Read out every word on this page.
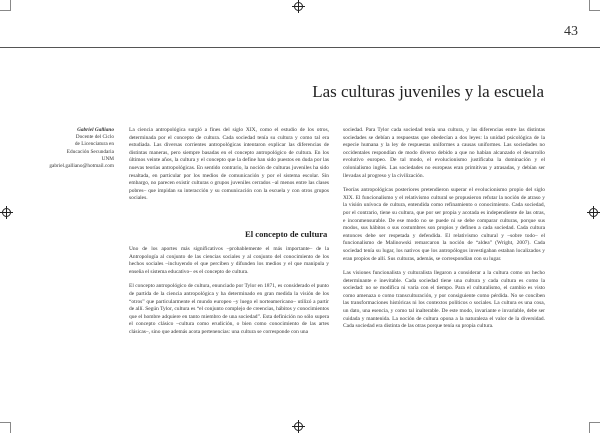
43
Las culturas juveniles y la escuela
Gabriel Galliano
Docente del Ciclo
de Licenciatura en
Educación Secundaria
UNM
gabriel.galliano@hotmail.com

La ciencia antropológica surgió a fines del siglo XIX, como el estudio de los otros, determinada por el concepto de cultura. Cada sociedad tenía su cultura y como tal era estudiada. Las diversas corrientes antropológicas intentaron explicar las diferencias de distintas maneras, pero siempre basadas en el concepto antropológico de cultura. En los últimos veinte años, la cultura y el concepto que la define han sido puestos en duda por las nuevas teorías antropológicas. En sentido contrario, la noción de culturas juveniles ha sido resaltada, en particular por los medios de comunicación y por el sistema escolar. Sin embargo, no parecen existir culturas o grupos juveniles cerrados –al menos entre las clases pobres– que impidan su interacción y su comunicación con la escuela y con otros grupos sociales.

Uno de los aportes más significativos –probablemente el más importante– de la Antropología al conjunto de las ciencias sociales y al conjunto del conocimiento de los hechos sociales –incluyendo el que perciben y difunden los medios y el que manipula y enseña el sistema educativo– es el concepto de cultura.

El concepto antropológico de cultura, enunciado por Tylor en 1871, es considerado el punto de partida de la ciencia antropológica y ha determinado en gran medida la visión de los “otros” que particularmente el mundo europeo –y luego el norteamericano– utilizó a partir de allí. Según Tylor, cultura es “el conjunto complejo de creencias, hábitos y conocimientos que el hombre adquiere en tanto miembro de una sociedad”. Esta definición no sólo supera el concepto clásico –cultura como erudición, o bien como conocimiento de las artes clásicas–, sino que además acota pertenencias: una cultura se corresponde con una

El concepto de cultura

sociedad. Para Tylor cada sociedad tenía una cultura, y las diferencias entre las distintas sociedades se debían a respuestas que obedecían a dos leyes: la unidad psicológica de la especie humana y la ley de respuestas uniformes a causas uniformes. Las sociedades no occidentales respondían de modo diverso debido a que no habían alcanzado el desarrollo evolutivo europeo. De tal modo, el evolucionismo justificaba la dominación y el colonialismo inglés. Las sociedades no europeas eran primitivas y atrasadas, y debían ser llevadas al progreso y la civilización.

Teorías antropológicas posteriores pretendieron superar el evolucionismo propio del siglo XIX. El funcionalismo y el relativismo cultural se propusieron refutar la noción de atraso y la visión unívoca de cultura, entendida como refinamiento o conocimiento. Cada sociedad, por el contrario, tiene su cultura, que por ser propia y acotada es independiente de las otras, e inconmensurable. De ese modo no se puede ni se debe comparar culturas, porque sus modos, sus hábitos o sus costumbres son propios y definen a cada sociedad. Cada cultura entonces debe ser respetada y defendida. El relativismo cultural y –sobre todo– el funcionalismo de Malinowski remarcaron la noción de “aldea” (Wright, 2007). Cada sociedad tenía su lugar, los nativos que los antropólogos investigaban estaban localizados y eran propios de allí. Sus culturas, además, se correspondían con su lugar.

Las visiones funcionalista y culturalista llegaron a considerar a la cultura como un hecho determinante e inevitable. Cada sociedad tiene una cultura y cada cultura es como la sociedad: no se modifica ni varía con el tiempo. Para el culturalismo, el cambio es visto como amenaza o como transculturación, y por consiguiente como pérdida. No se conciben las transformaciones históricas ni los contextos políticos o sociales. La cultura es una cosa, un dato, una esencia, y como tal inalterable. De este modo, invariante e invariable, debe ser cuidada y mantenida. La noción de cultura opona a la naturaleza el valor de la diversidad. Cada sociedad era distinta de las otras porque tenía su propia cultura.
